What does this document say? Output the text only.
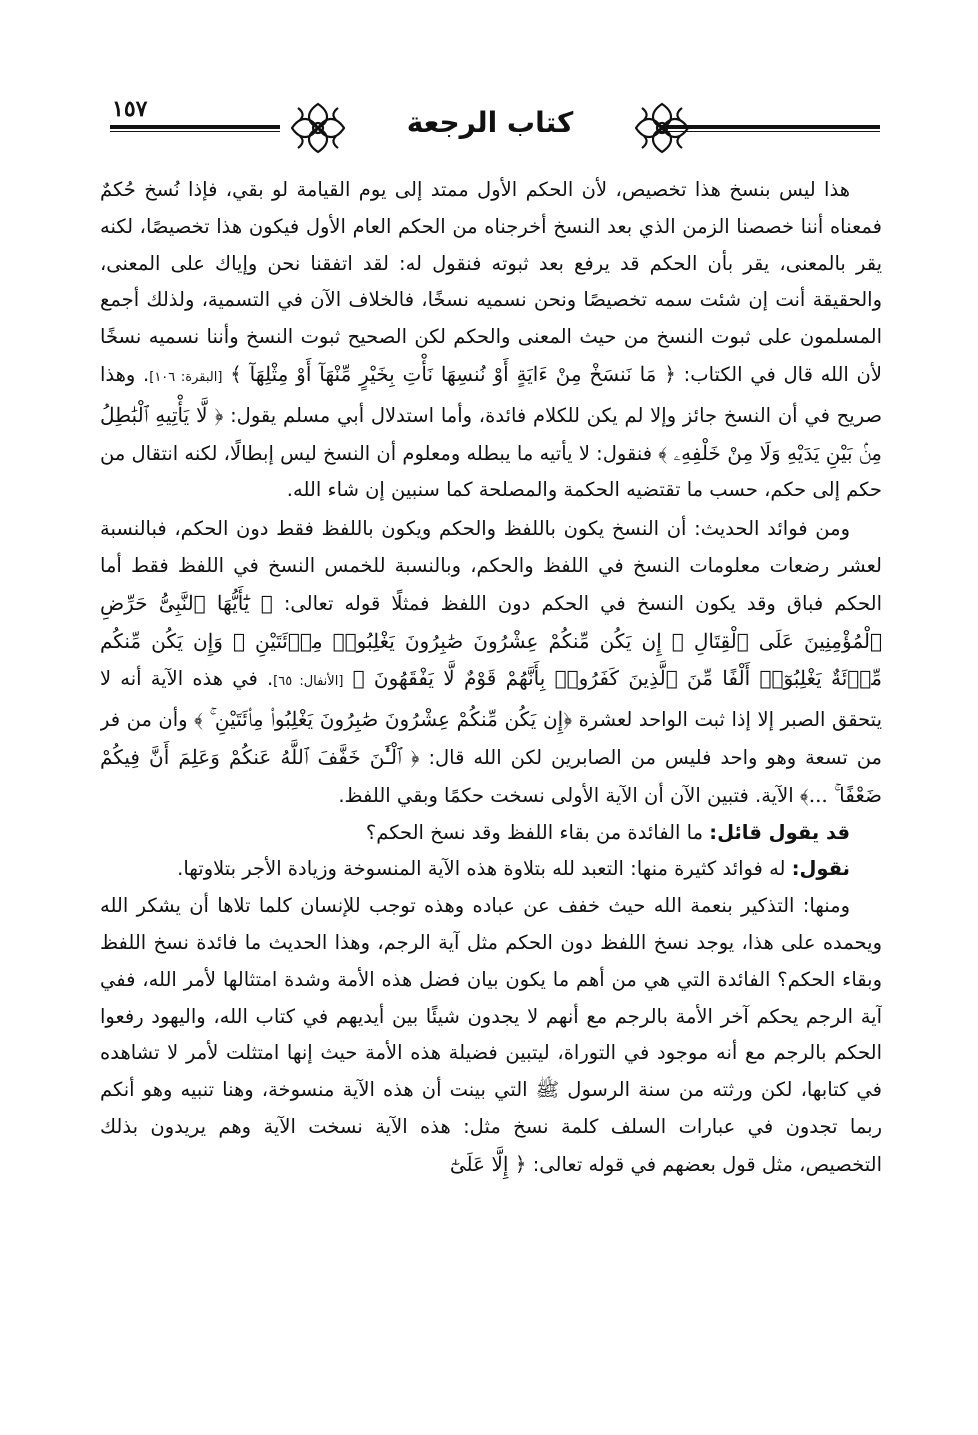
١٥٧	كتاب الرجعة

هذا ليس بنسخ هذا تخصيص، لأن الحكم الأول ممتد إلى يوم القيامة لو بقي، فإذا نُسخ حُكمٌ فمعناه أننا خصصنا الزمن الذي بعد النسخ أخرجناه من الحكم العام الأول فيكون هذا تخصيصًا، لكنه يقر بالمعنى، يقر بأن الحكم قد يرفع بعد ثبوته فنقول له: لقد اتفقنا نحن وإياك على المعنى، والحقيقة أنت إن شئت سمه تخصيصًا ونحن نسميه نسخًا، فالخلاف الآن في التسمية، ولذلك أجمع المسلمون على ثبوت النسخ من حيث المعنى والحكم لكن الصحيح ثبوت النسخ وأننا نسميه نسخًا لأن الله قال في الكتاب: ﴿ مَا نَنسَخْ مِنْ ءَايَةٍ أَوْ نُنسِهَا نَأْتِ بِخَيْرٍ مِّنْهَآ أَوْ مِثْلِهَآ ﴾ [البقرة: ١٠٦]. وهذا صريح في أن النسخ جائز وإلا لم يكن للكلام فائدة، وأما استدلال أبي مسلم يقول: ﴿ لَّا يَأْتِيهِ ٱلْبَٰطِلُ مِنۢ بَيْنِ يَدَيْهِ وَلَا مِنْ خَلْفِهِۦ ﴾ فنقول: لا يأتيه ما يبطله ومعلوم أن النسخ ليس إبطالًا، لكنه انتقال من حكم إلى حكم، حسب ما تقتضيه الحكمة والمصلحة كما سنبين إن شاء الله.

ومن فوائد الحديث: أن النسخ يكون باللفظ والحكم ويكون باللفظ فقط دون الحكم، فبالنسبة لعشر رضعات معلومات النسخ في اللفظ والحكم، وبالنسبة للخمس النسخ في اللفظ فقط أما الحكم فباق وقد يكون النسخ في الحكم دون اللفظ فمثلًا قوله تعالى: ﴿ يَٰٓأَيُّهَا ٱلنَّبِىُّ حَرِّضِ ٱلْمُؤْمِنِينَ عَلَى ٱلْقِتَالِ ۚ إِن يَكُن مِّنكُمْ عِشْرُونَ صَٰبِرُونَ يَغْلِبُوا۟ مِا۟ئَتَيْنِ ۚ وَإِن يَكُن مِّنكُم مِّا۟ئَةٌ يَغْلِبُوٓا۟ أَلْفًا مِّنَ ٱلَّذِينَ كَفَرُوا۟ بِأَنَّهُمْ قَوْمٌ لَّا يَفْقَهُونَ ﴾ [الأنفال: ٦٥]. في هذه الآية أنه لا يتحقق الصبر إلا إذا ثبت الواحد لعشرة ﴿إِن يَكُن مِّنكُمْ عِشْرُونَ صَٰبِرُونَ يَغْلِبُوا۟ مِا۟ئَتَيْنِ ۚ ﴾ وأن من فر من تسعة وهو واحد فليس من الصابرين لكن الله قال: ﴿ ٱلْـَٰٔنَ خَفَّفَ ٱللَّهُ عَنكُمْ وَعَلِمَ أَنَّ فِيكُمْ ضَعْفًا ۚ ...﴾ الآية. فتبين الآن أن الآية الأولى نسخت حكمًا وبقي اللفظ.

قد يقول قائل: ما الفائدة من بقاء اللفظ وقد نسخ الحكم؟

نقول: له فوائد كثيرة منها: التعبد لله بتلاوة هذه الآية المنسوخة وزيادة الأجر بتلاوتها.

ومنها: التذكير بنعمة الله حيث خفف عن عباده وهذه توجب للإنسان كلما تلاها أن يشكر الله ويحمده على هذا، يوجد نسخ اللفظ دون الحكم مثل آية الرجم، وهذا الحديث ما فائدة نسخ اللفظ وبقاء الحكم؟ الفائدة التي هي من أهم ما يكون بيان فضل هذه الأمة وشدة امتثالها لأمر الله، ففي آية الرجم يحكم آخر الأمة بالرجم مع أنهم لا يجدون شيئًا بين أيديهم في كتاب الله، واليهود رفعوا الحكم بالرجم مع أنه موجود في التوراة، ليتبين فضيلة هذه الأمة حيث إنها امتثلت لأمر لا تشاهده في كتابها، لكن ورثته من سنة الرسول ﷺ التي بينت أن هذه الآية منسوخة، وهنا تنبيه وهو أنكم ربما تجدون في عبارات السلف كلمة نسخ مثل: هذه الآية نسخت الآية وهم يريدون بذلك التخصيص، مثل قول بعضهم في قوله تعالى: ﴿ إِلَّا عَلَىٰٓ
